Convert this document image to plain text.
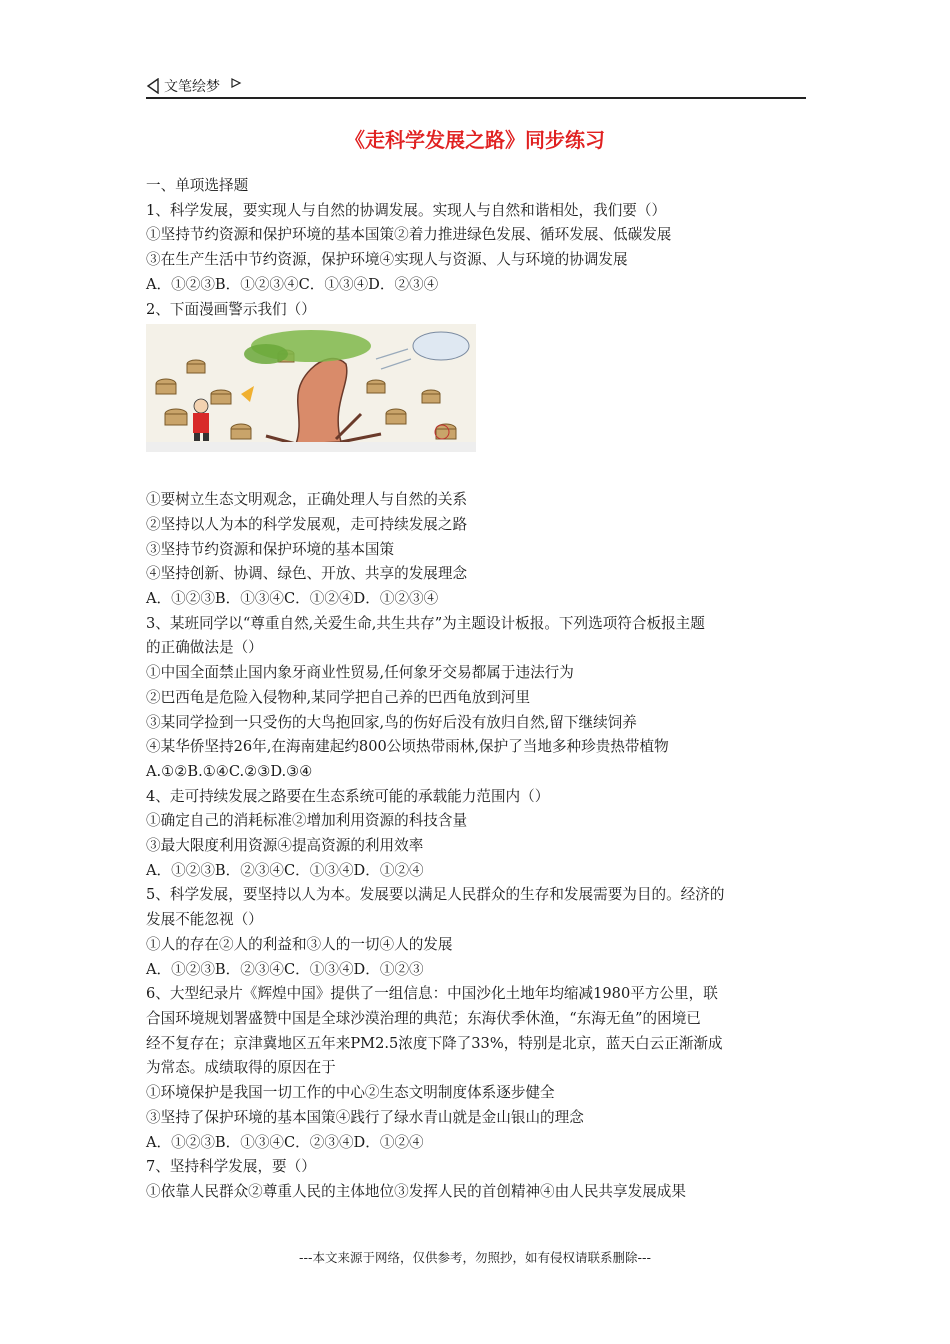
文笔绘梦
《走科学发展之路》同步练习
一、单项选择题
1、科学发展，要实现人与自然的协调发展。实现人与自然和谐相处，我们要（）
①坚持节约资源和保护环境的基本国策②着力推进绿色发展、循环发展、低碳发展
③在生产生活中节约资源，保护环境④实现人与资源、人与环境的协调发展
A．①②③B．①②③④C．①③④D．②③④
2、下面漫画警示我们（）
①要树立生态文明观念，正确处理人与自然的关系
②坚持以人为本的科学发展观，走可持续发展之路
③坚持节约资源和保护环境的基本国策
④坚持创新、协调、绿色、开放、共享的发展理念
A．①②③B．①③④C．①②④D．①②③④
3、某班同学以“尊重自然,关爱生命,共生共存”为主题设计板报。下列选项符合板报主题
的正确做法是（）
①中国全面禁止国内象牙商业性贸易,任何象牙交易都属于违法行为
②巴西龟是危险入侵物种,某同学把自己养的巴西龟放到河里
③某同学捡到一只受伤的大鸟抱回家,鸟的伤好后没有放归自然,留下继续饲养
④某华侨坚持26年,在海南建起约800公顷热带雨林,保护了当地多种珍贵热带植物
A.①②B.①④C.②③D.③④
4、走可持续发展之路要在生态系统可能的承载能力范围内（）
①确定自己的消耗标准②增加利用资源的科技含量
③最大限度利用资源④提高资源的利用效率
A．①②③B．②③④C．①③④D．①②④
5、科学发展，要坚持以人为本。发展要以满足人民群众的生存和发展需要为目的。经济的
发展不能忽视（）
①人的存在②人的利益和③人的一切④人的发展
A．①②③B．②③④C．①③④D．①②③
6、大型纪录片《辉煌中国》提供了一组信息：中国沙化土地年均缩减1980平方公里，联
合国环境规划署盛赞中国是全球沙漠治理的典范；东海伏季休渔，“东海无鱼”的困境已
经不复存在；京津冀地区五年来PM2.5浓度下降了33%，特别是北京，蓝天白云正渐渐成
为常态。成绩取得的原因在于
①环境保护是我国一切工作的中心②生态文明制度体系逐步健全
③坚持了保护环境的基本国策④践行了绿水青山就是金山银山的理念
A．①②③B．①③④C．②③④D．①②④
7、坚持科学发展，要（）
①依靠人民群众②尊重人民的主体地位③发挥人民的首创精神④由人民共享发展成果
---本文来源于网络，仅供参考，勿照抄，如有侵权请联系删除---
